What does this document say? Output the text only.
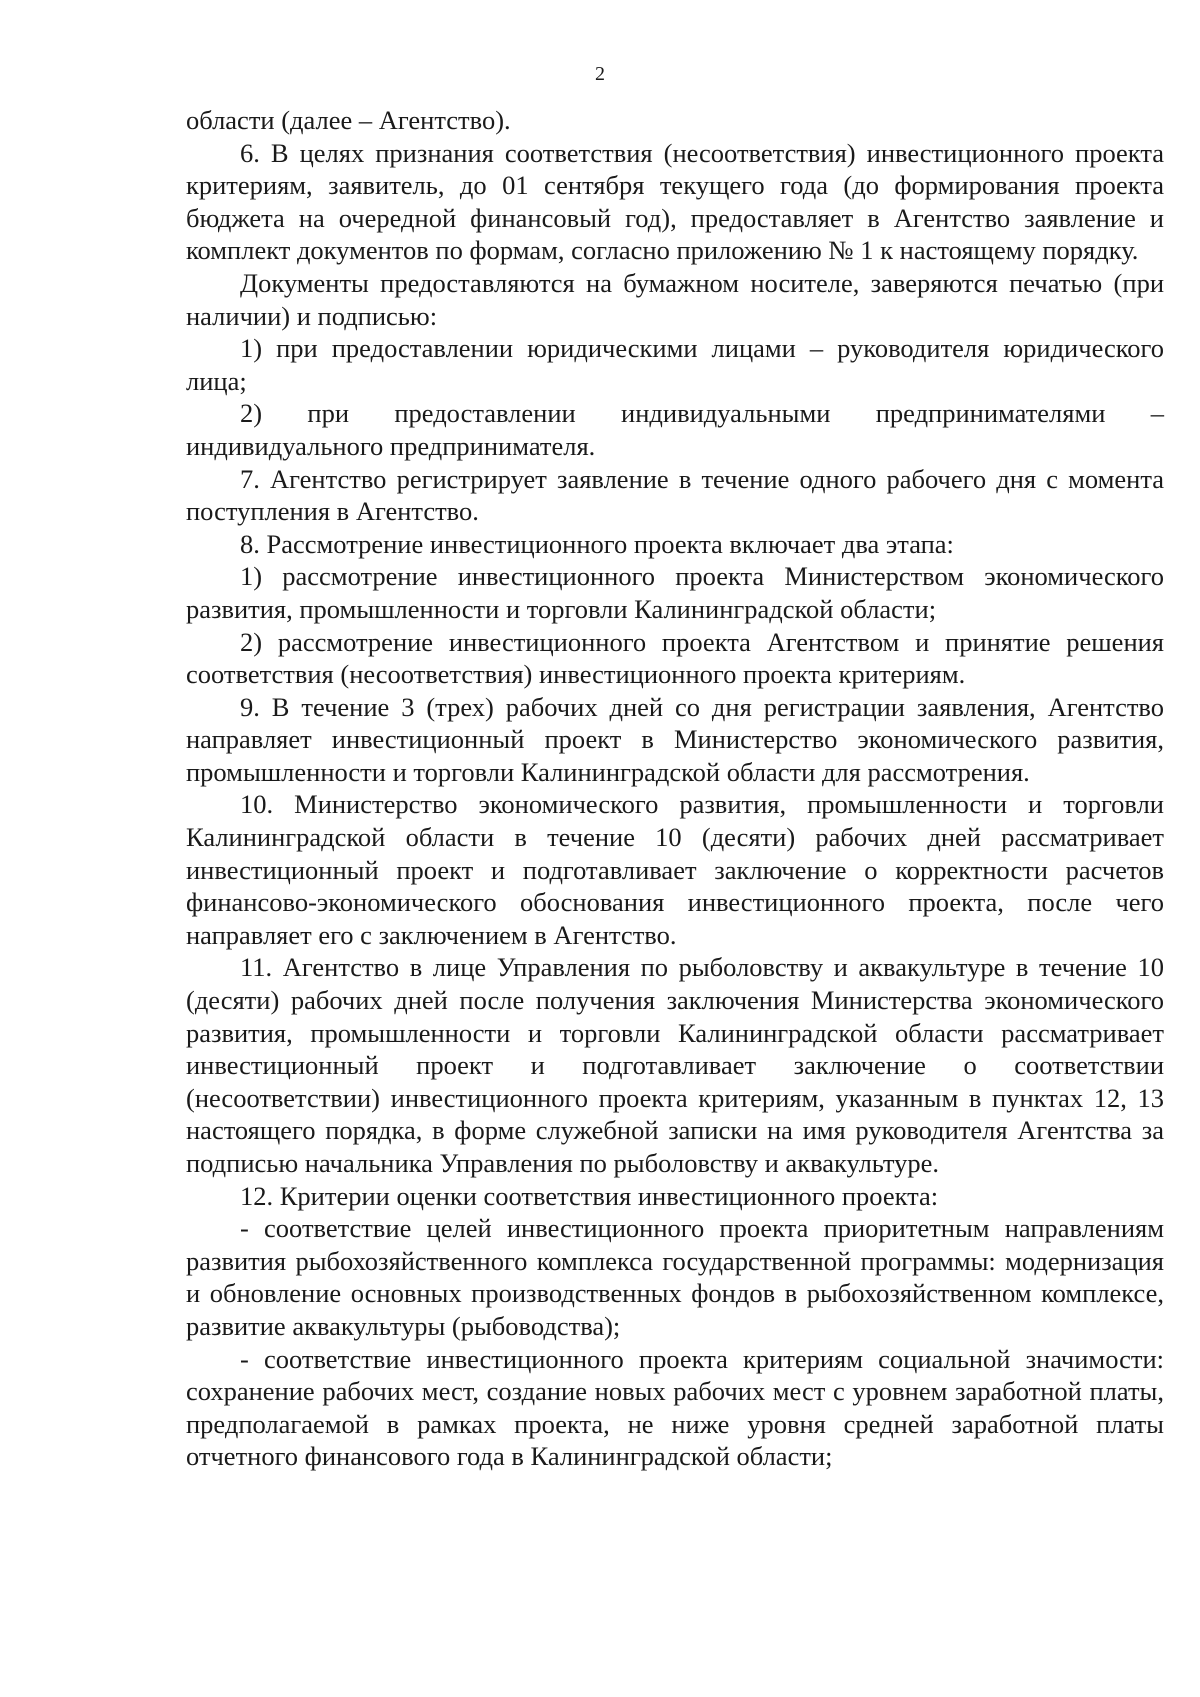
2

области (далее – Агентство).

6. В целях признания соответствия (несоответствия) инвестиционного проекта критериям, заявитель, до 01 сентября текущего года (до формирования проекта бюджета на очередной финансовый год), предоставляет в Агентство заявление и комплект документов по формам, согласно приложению № 1 к настоящему порядку.

Документы предоставляются на бумажном носителе, заверяются печатью (при наличии) и подписью:

1) при предоставлении юридическими лицами – руководителя юридического лица;

2) при предоставлении индивидуальными предпринимателями – индивидуального предпринимателя.

7. Агентство регистрирует заявление в течение одного рабочего дня с момента поступления в Агентство.

8. Рассмотрение инвестиционного проекта включает два этапа:

1) рассмотрение инвестиционного проекта Министерством экономического развития, промышленности и торговли Калининградской области;

2) рассмотрение инвестиционного проекта Агентством и принятие решения соответствия (несоответствия) инвестиционного проекта критериям.

9. В течение 3 (трех) рабочих дней со дня регистрации заявления, Агентство направляет инвестиционный проект в Министерство экономического развития, промышленности и торговли Калининградской области для рассмотрения.

10. Министерство экономического развития, промышленности и торговли Калининградской области в течение 10 (десяти) рабочих дней рассматривает инвестиционный проект и подготавливает заключение о корректности расчетов финансово-экономического обоснования инвестиционного проекта, после чего направляет его с заключением в Агентство.

11. Агентство в лице Управления по рыболовству и аквакультуре в течение 10 (десяти) рабочих дней после получения заключения Министерства экономического развития, промышленности и торговли Калининградской области рассматривает инвестиционный проект и подготавливает заключение о соответствии (несоответствии) инвестиционного проекта критериям, указанным в пунктах 12, 13 настоящего порядка, в форме служебной записки на имя руководителя Агентства за подписью начальника Управления по рыболовству и аквакультуре.

12. Критерии оценки соответствия инвестиционного проекта:

- соответствие целей инвестиционного проекта приоритетным направлениям развития рыбохозяйственного комплекса государственной программы: модернизация и обновление основных производственных фондов в рыбохозяйственном комплексе, развитие аквакультуры (рыбоводства);

- соответствие инвестиционного проекта критериям социальной значимости: сохранение рабочих мест, создание новых рабочих мест с уровнем заработной платы, предполагаемой в рамках проекта, не ниже уровня средней заработной платы отчетного финансового года в Калининградской области;
